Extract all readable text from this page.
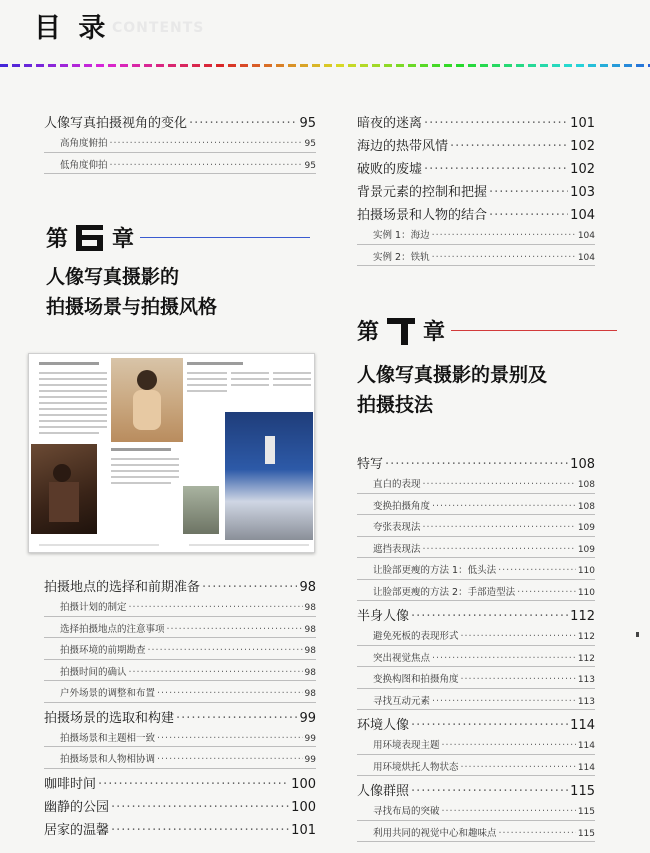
目 录 CONTENTS
人像写真拍摄视角的变化 ·····	95
高角度俯拍 ·····	95
低角度仰拍 ·····	95
第 章
人像写真摄影的
拍摄场景与拍摄风格
拍摄地点的选择和前期准备 ·····	98
拍摄计划的制定 ·····	98
选择拍摄地点的注意事项 ·····	98
拍摄环境的前期勘查 ·····	98
拍摄时间的确认 ·····	98
户外场景的调整和布置 ·····	98
拍摄场景的选取和构建 ·····	99
拍摄场景和主题相一致 ·····	99
拍摄场景和人物相协调 ·····	99
咖啡时间 ·····	100
幽静的公园 ·····	100
居家的温馨 ·····	101
暗夜的迷离 ·····	101
海边的热带风情 ·····	102
破败的废墟 ·····	102
背景元素的控制和把握 ·····	103
拍摄场景和人物的结合 ·····	104
实例 1：海边 ·····	104
实例 2：铁轨 ·····	104
第 章
人像写真摄影的景别及
拍摄技法
特写 ·····	108
直白的表现 ·····	108
变换拍摄角度 ·····	108
夸张表现法 ·····	109
遮挡表现法 ·····	109
让脸部更瘦的方法 1：低头法 ·····	110
让脸部更瘦的方法 2：手部造型法 ·····	110
半身人像 ·····	112
避免死板的表现形式 ·····	112
突出视觉焦点 ·····	112
变换构图和拍摄角度 ·····	113
寻找互动元素 ·····	113
环境人像 ·····	114
用环境表现主题 ·····	114
用环境烘托人物状态 ·····	114
人像群照 ·····	115
寻找布局的突破 ·····	115
利用共同的视觉中心和趣味点 ·····	115
